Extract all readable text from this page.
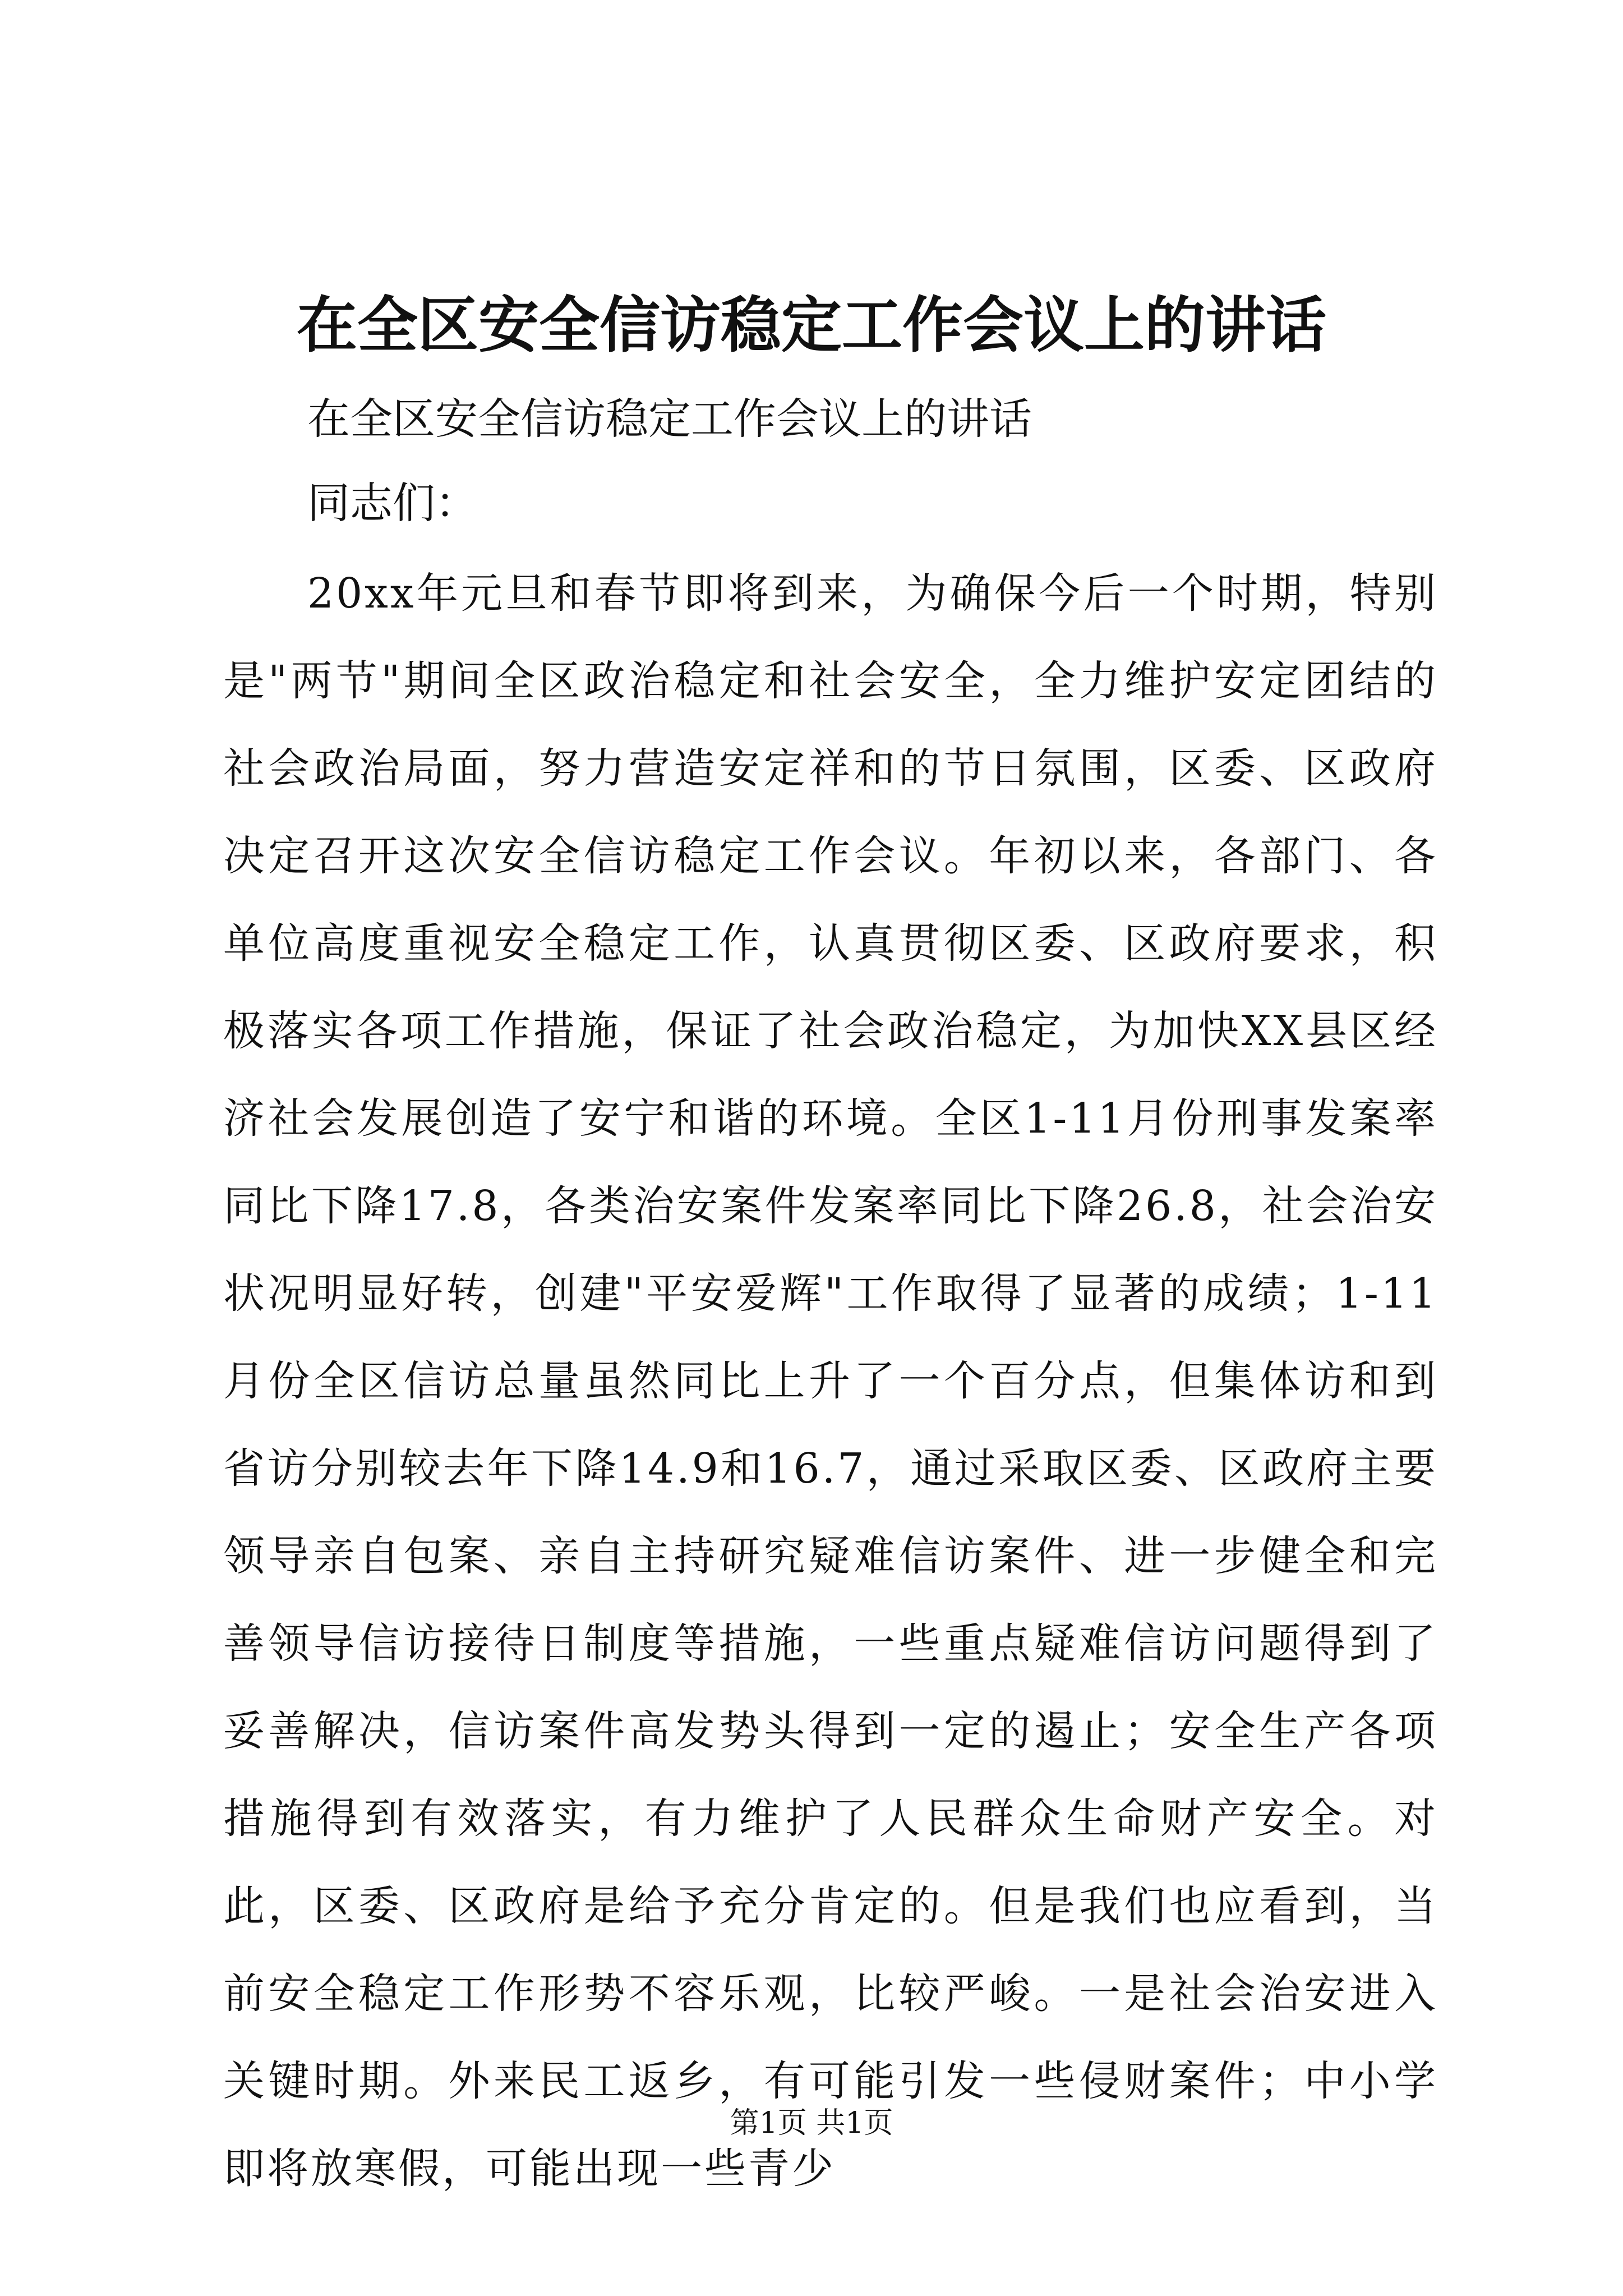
在全区安全信访稳定工作会议上的讲话

在全区安全信访稳定工作会议上的讲话

同志们：

20xx年元旦和春节即将到来，为确保今后一个时期，特别是"两节"期间全区政治稳定和社会安全，全力维护安定团结的社会政治局面，努力营造安定祥和的节日氛围，区委、区政府决定召开这次安全信访稳定工作会议。年初以来，各部门、各单位高度重视安全稳定工作，认真贯彻区委、区政府要求，积极落实各项工作措施，保证了社会政治稳定，为加快XX县区经济社会发展创造了安宁和谐的环境。全区1-11月份刑事发案率同比下降17.8，各类治安案件发案率同比下降26.8，社会治安状况明显好转，创建"平安爱辉"工作取得了显著的成绩；1-11月份全区信访总量虽然同比上升了一个百分点，但集体访和到省访分别较去年下降14.9和16.7，通过采取区委、区政府主要领导亲自包案、亲自主持研究疑难信访案件、进一步健全和完善领导信访接待日制度等措施，一些重点疑难信访问题得到了妥善解决，信访案件高发势头得到一定的遏止；安全生产各项措施得到有效落实，有力维护了人民群众生命财产安全。对此，区委、区政府是给予充分肯定的。但是我们也应看到，当前安全稳定工作形势不容乐观，比较严峻。一是社会治安进入关键时期。外来民工返乡，有可能引发一些侵财案件；中小学即将放寒假，可能出现一些青少

第1页 共1页
